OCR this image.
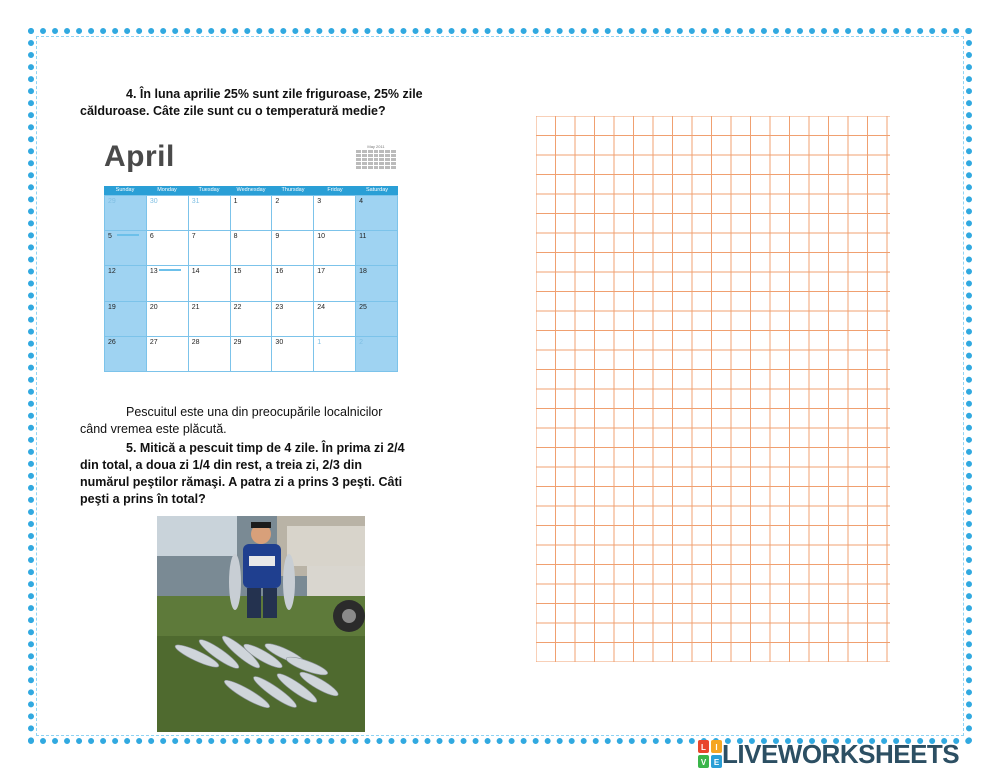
4. În luna aprilie 25% sunt zile friguroase, 25% zile
călduroase. Câte zile sunt cu o temperatură medie?
April	May 2011
Sunday	Monday	Tuesday	Wednesday	Thursday	Friday	Saturday
29	30	31	1	2	3	4
5	6	7	8	9	10	11
12	13	14	15	16	17	18
19	20	21	22	23	24	25
26	27	28	29	30	1	2
Pescuitul este una din preocupările localnicilor
când vremea este plăcută.
5. Mitică a pescuit timp de 4 zile. În prima zi 2/4
din total, a doua zi 1/4 din rest, a treia zi, 2/3 din
numărul peştilor rămaşi. A patra zi a prins 3 peşti. Câti
peşti a prins în total?
L I
V E LIVEWORKSHEETS
